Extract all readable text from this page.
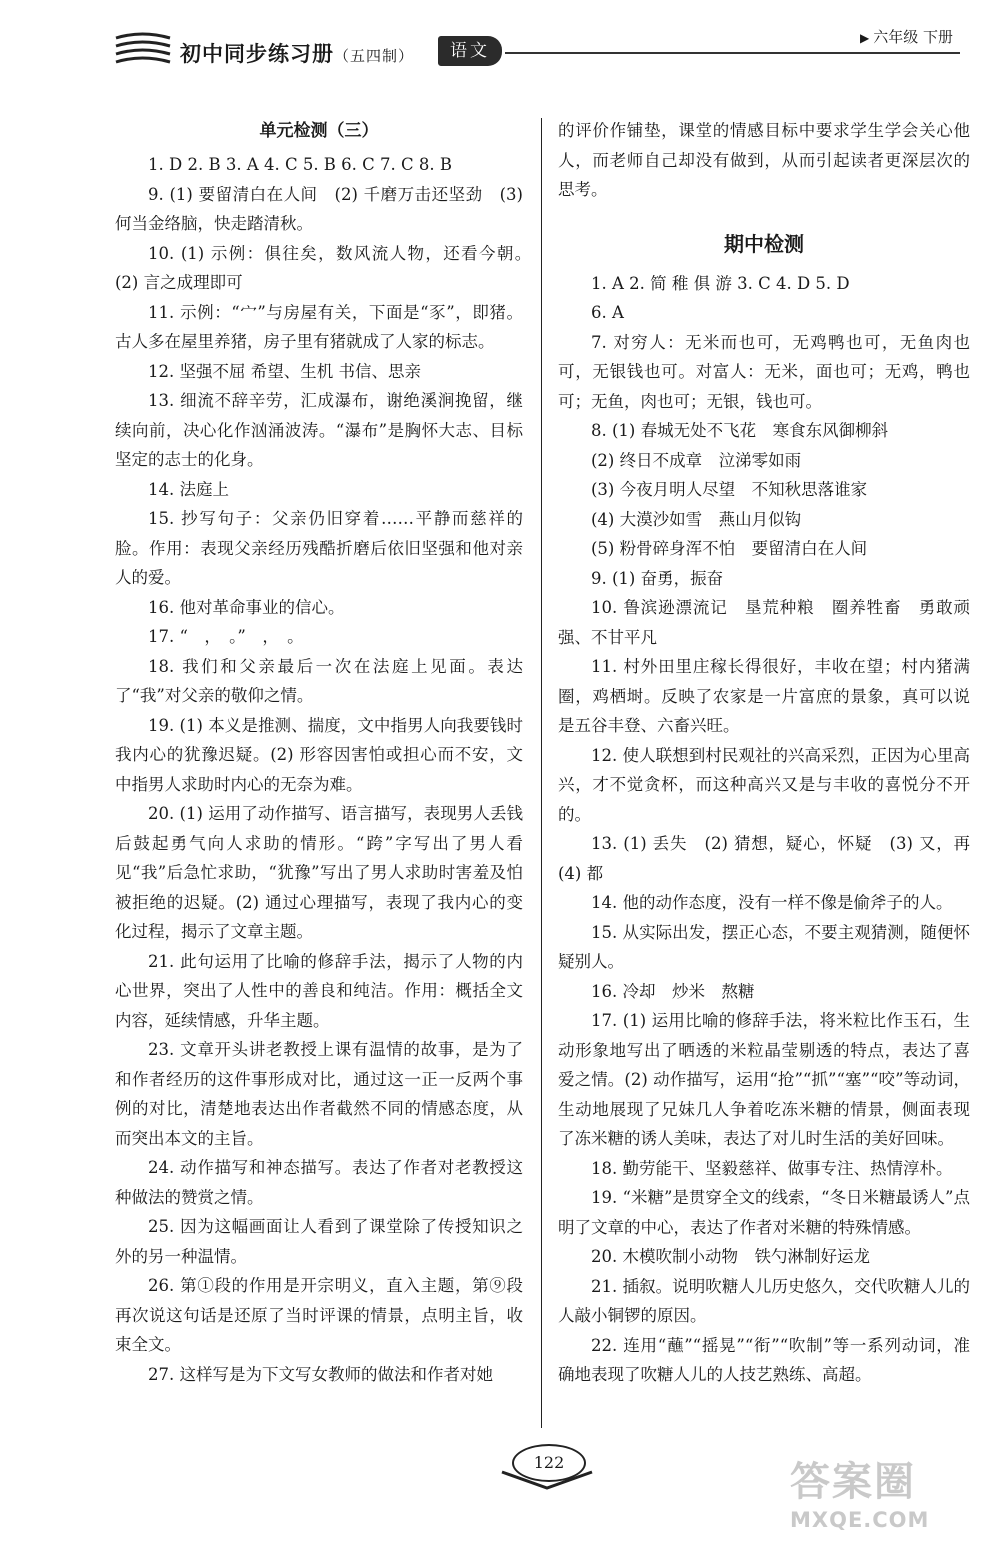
初中同步练习册（五四制）	语文
▶ 六年级 下册
单元检测（三）

1. D 2. B 3. A 4. C 5. B 6. C 7. C 8. B

9. (1) 要留清白在人间　(2) 千磨万击还坚劲　(3) 何当金络脑，快走踏清秋。

10. (1) 示例：俱往矣，数风流人物，还看今朝。　(2) 言之成理即可

11. 示例：“宀”与房屋有关，下面是“豕”，即猪。古人多在屋里养猪，房子里有猪就成了人家的标志。

12. 坚强不屈 希望、生机 书信、思亲

13. 细流不辞辛劳，汇成瀑布，谢绝溪涧挽留，继续向前，决心化作汹涌波涛。“瀑布”是胸怀大志、目标坚定的志士的化身。

14. 法庭上

15. 抄写句子：父亲仍旧穿着……平静而慈祥的脸。作用：表现父亲经历残酷折磨后依旧坚强和他对亲人的爱。

16. 他对革命事业的信心。

17. “　，　。”　，　。

18. 我们和父亲最后一次在法庭上见面。表达了“我”对父亲的敬仰之情。

19. (1) 本义是推测、揣度，文中指男人向我要钱时我内心的犹豫迟疑。(2) 形容因害怕或担心而不安，文中指男人求助时内心的无奈为难。

20. (1) 运用了动作描写、语言描写，表现男人丢钱后鼓起勇气向人求助的情形。“跨”字写出了男人看见“我”后急忙求助，“犹豫”写出了男人求助时害羞及怕被拒绝的迟疑。(2) 通过心理描写，表现了我内心的变化过程，揭示了文章主题。

21. 此句运用了比喻的修辞手法，揭示了人物的内心世界，突出了人性中的善良和纯洁。作用：概括全文内容，延续情感，升华主题。

23. 文章开头讲老教授上课有温情的故事，是为了和作者经历的这件事形成对比，通过这一正一反两个事例的对比，清楚地表达出作者截然不同的情感态度，从而突出本文的主旨。

24. 动作描写和神态描写。表达了作者对老教授这种做法的赞赏之情。

25. 因为这幅画面让人看到了课堂除了传授知识之外的另一种温情。

26. 第①段的作用是开宗明义，直入主题，第⑨段再次说这句话是还原了当时评课的情景，点明主旨，收束全文。

27. 这样写是为下文写女教师的做法和作者对她

的评价作铺垫，课堂的情感目标中要求学生学会关心他人，而老师自己却没有做到，从而引起读者更深层次的思考。

期中检测

1. A 2. 简 稚 俱 游 3. C 4. D 5. D

6. A

7. 对穷人：无米而也可，无鸡鸭也可，无鱼肉也可，无银钱也可。对富人：无米，面也可；无鸡，鸭也可；无鱼，肉也可；无银，钱也可。

8. (1) 春城无处不飞花　寒食东风御柳斜

(2) 终日不成章　泣涕零如雨

(3) 今夜月明人尽望　不知秋思落谁家

(4) 大漠沙如雪　燕山月似钩

(5) 粉骨碎身浑不怕　要留清白在人间

9. (1) 奋勇，振奋

10. 鲁滨逊漂流记　垦荒种粮　圈养牲畜　勇敢顽强、不甘平凡

11. 村外田里庄稼长得很好，丰收在望；村内猪满圈，鸡栖埘。反映了农家是一片富庶的景象，真可以说是五谷丰登、六畜兴旺。

12. 使人联想到村民观社的兴高采烈，正因为心里高兴，才不觉贪杯，而这种高兴又是与丰收的喜悦分不开的。

13. (1) 丢失　(2) 猜想，疑心，怀疑　(3) 又，再　(4) 都

14. 他的动作态度，没有一样不像是偷斧子的人。

15. 从实际出发，摆正心态，不要主观猜测，随便怀疑别人。

16. 冷却　炒米　熬糖

17. (1) 运用比喻的修辞手法，将米粒比作玉石，生动形象地写出了晒透的米粒晶莹剔透的特点，表达了喜爱之情。(2) 动作描写，运用“抢”“抓”“塞”“咬”等动词，生动地展现了兄妹几人争着吃冻米糖的情景，侧面表现了冻米糖的诱人美味，表达了对儿时生活的美好回味。

18. 勤劳能干、坚毅慈祥、做事专注、热情淳朴。

19. “米糖”是贯穿全文的线索，“冬日米糖最诱人”点明了文章的中心，表达了作者对米糖的特殊情感。

20. 木模吹制小动物　铁勺淋制好运龙

21. 插叙。说明吹糖人儿历史悠久，交代吹糖人儿的人敲小铜锣的原因。

22. 连用“蘸”“摇晃”“衔”“吹制”等一系列动词，准确地表现了吹糖人儿的人技艺熟练、高超。

122	答案圈
MXQE.COM
